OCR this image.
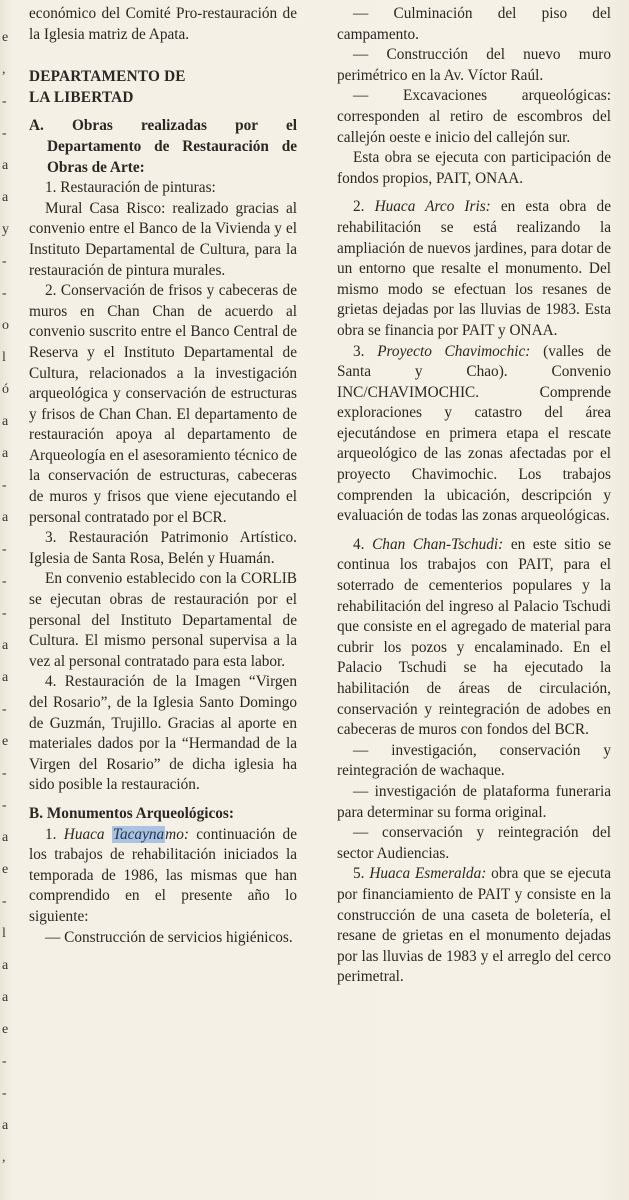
e
,
-
-
a
a
y
-
-
o
l
ó
a
a
-
a
-
-
-
a
a
-
e
-
-
a
e
-
l
a
a
e
-
-
a
,

económico del Comité Pro-restauración de la Iglesia matriz de Apata.

DEPARTAMENTO DE

LA LIBERTAD

A. Obras realizadas por el Departamento de Restauración de Obras de Arte:

1. Restauración de pinturas:

Mural Casa Risco: realizado gracias al convenio entre el Banco de la Vivienda y el Instituto Departamental de Cultura, para la restauración de pintura murales.

2. Conservación de frisos y cabeceras de muros en Chan Chan de acuerdo al convenio suscrito entre el Banco Central de Reserva y el Instituto Departamental de Cultura, relacionados a la investigación arqueológica y conservación de estructuras y frisos de Chan Chan. El departamento de restauración apoya al departamento de Arqueología en el asesoramiento técnico de la conservación de estructuras, cabeceras de muros y frisos que viene ejecutando el personal contratado por el BCR.

3. Restauración Patrimonio Artístico. Iglesia de Santa Rosa, Belén y Huamán.

En convenio establecido con la CORLIB se ejecutan obras de restauración por el personal del Instituto Departamental de Cultura. El mismo personal supervisa a la vez al personal contratado para esta labor.

4. Restauración de la Imagen “Virgen del Rosario”, de la Iglesia Santo Domingo de Guzmán, Trujillo. Gracias al aporte en materiales dados por la “Hermandad de la Virgen del Rosario” de dicha iglesia ha sido posible la restauración.

B. Monumentos Arqueológicos:

1. Huaca Tacaynamo: continuación de los trabajos de rehabilitación iniciados la temporada de 1986, las mismas que han comprendido en el presente año lo siguiente:

— Construcción de servicios higiénicos.

— Culminación del piso del campamento.

— Construcción del nuevo muro perimétrico en la Av. Víctor Raúl.

— Excavaciones arqueológicas: corresponden al retiro de escombros del callejón oeste e inicio del callejón sur.

Esta obra se ejecuta con participación de fondos propios, PAIT, ONAA.

2. Huaca Arco Iris: en esta obra de rehabilitación se está realizando la ampliación de nuevos jardines, para dotar de un entorno que resalte el monumento. Del mismo modo se efectuan los resanes de grietas dejadas por las lluvias de 1983. Esta obra se financia por PAIT y ONAA.

3. Proyecto Chavimochic: (valles de Santa y Chao). Convenio INC/CHAVIMOCHIC. Comprende exploraciones y catastro del área ejecutándose en primera etapa el rescate arqueológico de las zonas afectadas por el proyecto Chavimochic. Los trabajos comprenden la ubicación, descripción y evaluación de todas las zonas arqueológicas.

4. Chan Chan-Tschudi: en este sitio se continua los trabajos con PAIT, para el soterrado de cementerios populares y la rehabilitación del ingreso al Palacio Tschudi que consiste en el agregado de material para cubrir los pozos y encalaminado. En el Palacio Tschudi se ha ejecutado la habilitación de áreas de circulación, conservación y reintegración de adobes en cabeceras de muros con fondos del BCR.

— investigación, conservación y reintegración de wachaque.

— investigación de plataforma funeraria para determinar su forma original.

— conservación y reintegración del sector Audiencias.

5. Huaca Esmeralda: obra que se ejecuta por financiamiento de PAIT y consiste en la construcción de una caseta de boletería, el resane de grietas en el monumento dejadas por las lluvias de 1983 y el arreglo del cerco perimetral.
